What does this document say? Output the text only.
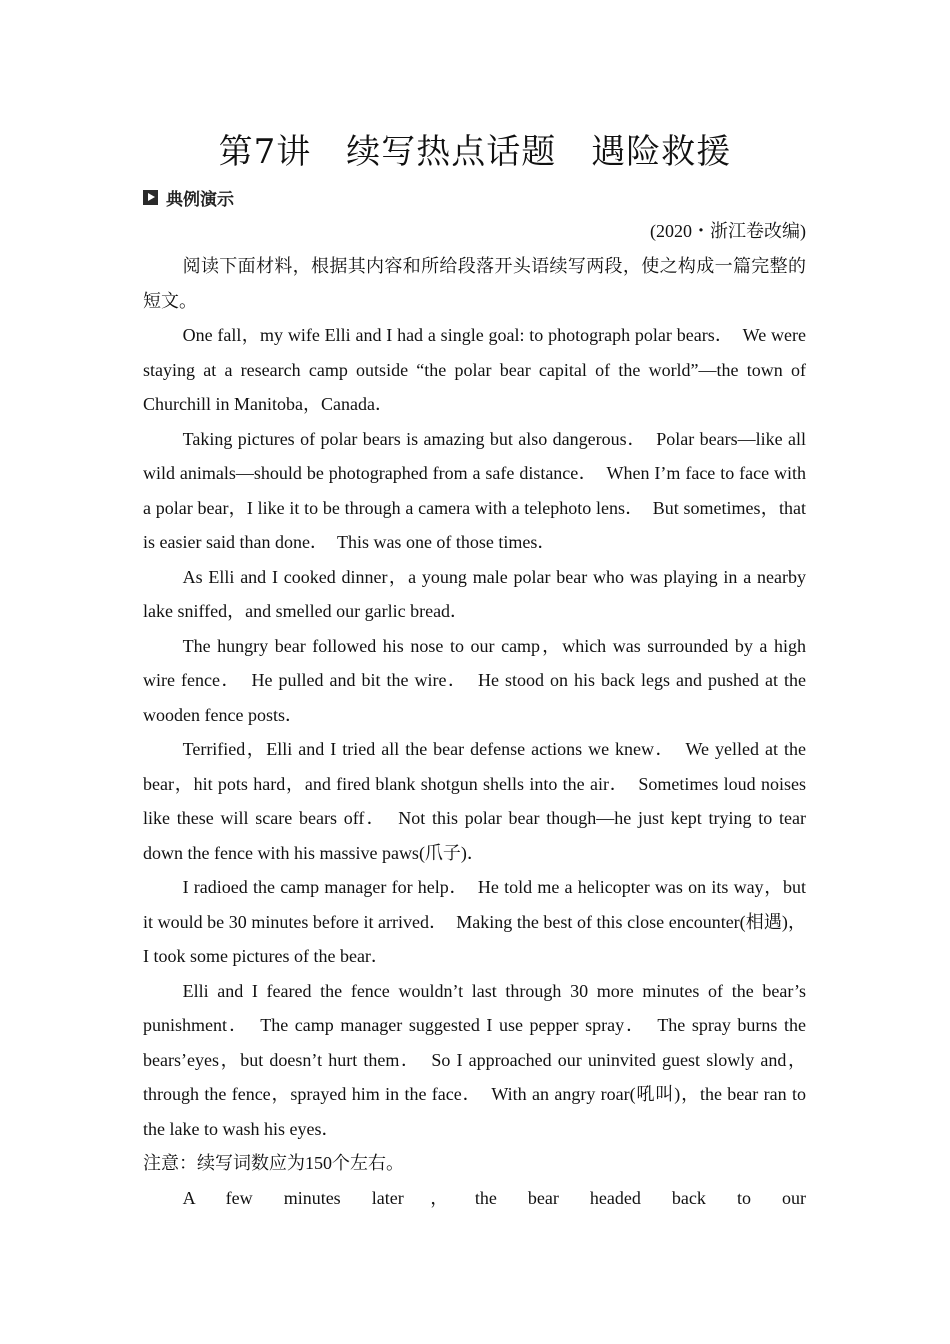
第7讲　续写热点话题　遇险救援
典例演示
(2020・浙江卷改编)

阅读下面材料，根据其内容和所给段落开头语续写两段，使之构成一篇完整的短文。

One fall，my wife Elli and I had a single goal: to photograph polar bears．　We were staying at a research camp outside “the polar bear capital of the world”—the town of Churchill in Manitoba，Canada．

Taking pictures of polar bears is amazing but also dangerous．　Polar bears—like all wild animals—should be photographed from a safe distance．　When I’m face to face with a polar bear，I like it to be through a camera with a telephoto lens．　But sometimes，that is easier said than done．　This was one of those times．

As Elli and I cooked dinner，a young male polar bear who was playing in a nearby lake sniffed，and smelled our garlic bread．

The hungry bear followed his nose to our camp，which was surrounded by a high wire fence．　He pulled and bit the wire．　He stood on his back legs and pushed at the wooden fence posts．

Terrified，Elli and I tried all the bear defense actions we knew．　We yelled at the bear，hit pots hard，and fired blank shotgun shells into the air．　Sometimes loud noises like these will scare bears off．　Not this polar bear though—he just kept trying to tear down the fence with his massive paws(爪子)．

I radioed the camp manager for help．　He told me a helicopter was on its way，but it would be 30 minutes before it arrived．　Making the best of this close encounter(相遇)，I took some pictures of the bear．

Elli and I feared the fence wouldn’t last through 30 more minutes of the bear’s punishment．　The camp manager suggested I use pepper spray．　The spray burns the bears’eyes，but doesn’t hurt them．　So I approached our uninvited guest slowly and，through the fence，sprayed him in the face．　With an angry roar(吼叫)，the bear ran to the lake to wash his eyes．

注意：续写词数应为150个左右。

A few minutes later，the bear headed back to our
